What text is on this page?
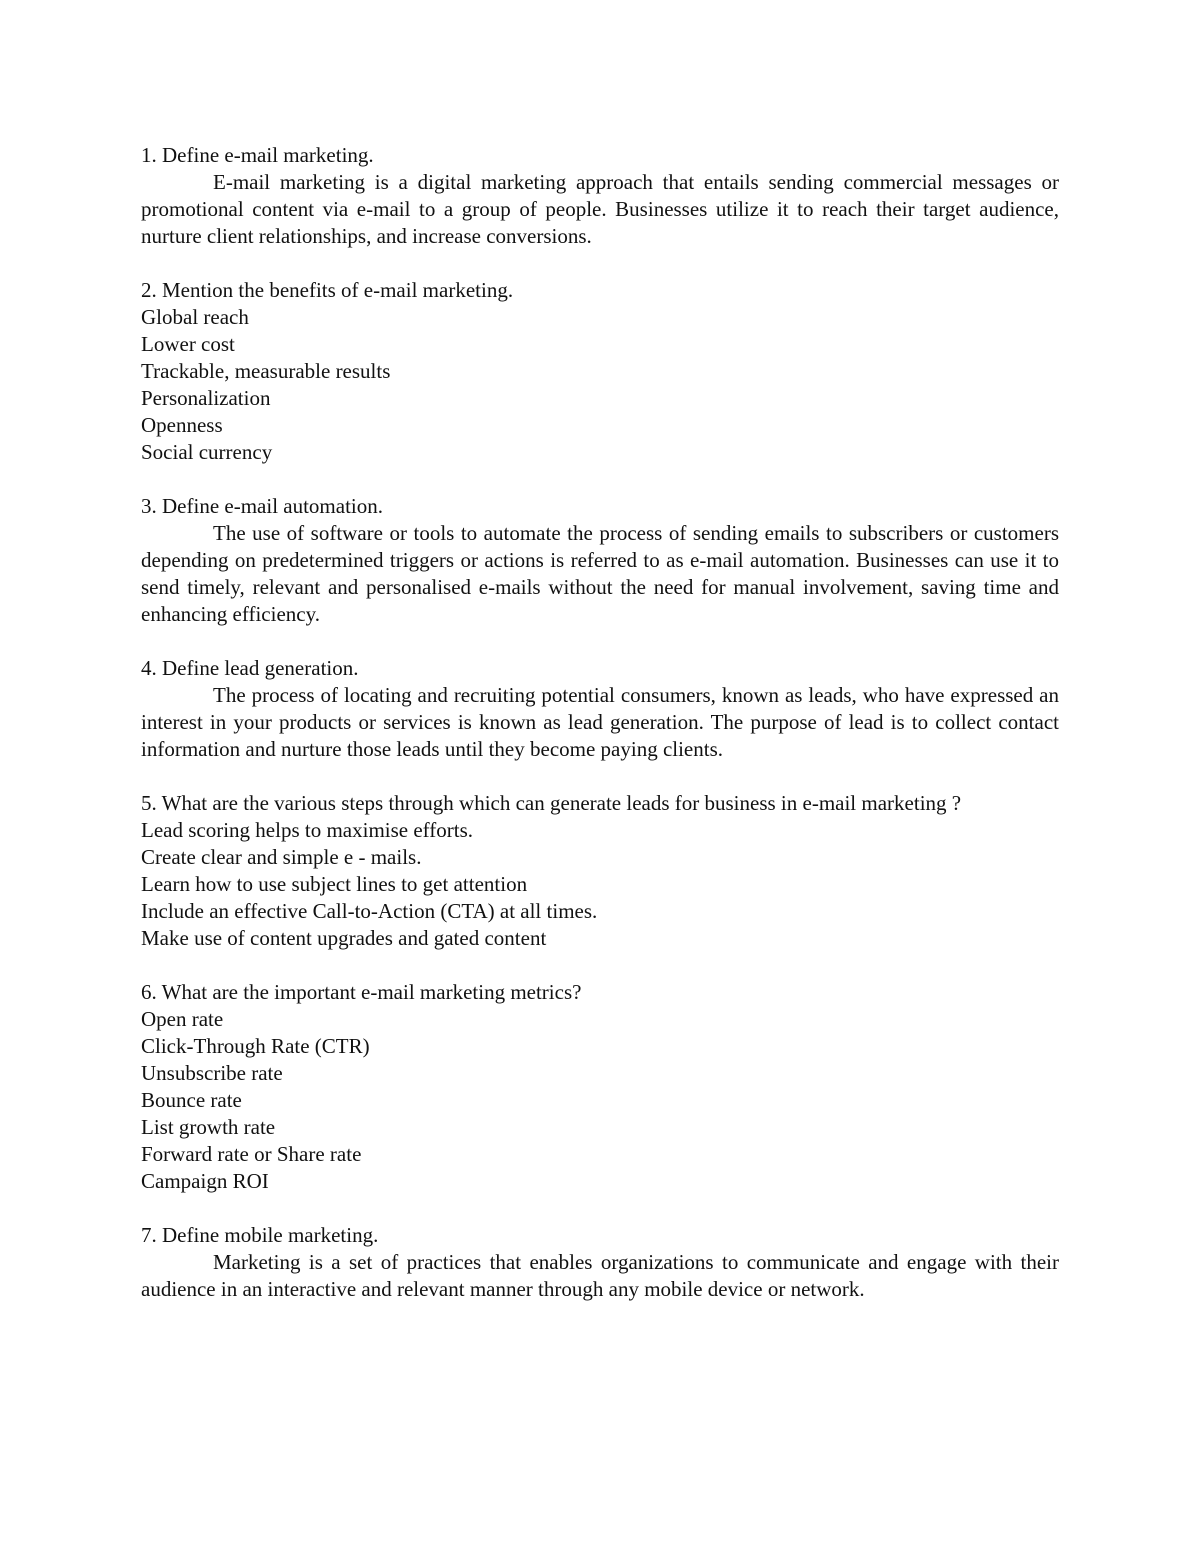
1. Define e-mail marketing.
E-mail marketing is a digital marketing approach that entails sending commercial messages or promotional content via e-mail to a group of people. Businesses utilize it to reach their target audience, nurture client relationships, and increase conversions.
2. Mention the benefits of e-mail marketing.
Global reach
Lower cost
Trackable, measurable results
Personalization
Openness
Social currency
3. Define e-mail automation.
The use of software or tools to automate the process of sending emails to subscribers or customers depending on predetermined triggers or actions is referred to as e-mail automation. Businesses can use it to send timely, relevant and personalised e-mails without the need for manual involvement, saving time and enhancing efficiency.
4. Define lead generation.
The process of locating and recruiting potential consumers, known as leads, who have expressed an interest in your products or services is known as lead generation. The purpose of lead is to collect contact information and nurture those leads until they become paying clients.
5. What are the various steps through which can generate leads for business in e-mail marketing ?
Lead scoring helps to maximise efforts.
Create clear and simple e - mails.
Learn how to use subject lines to get attention
Include an effective Call-to-Action (CTA) at all times.
Make use of content upgrades and gated content
6. What are the important e-mail marketing metrics?
Open rate
Click-Through Rate (CTR)
Unsubscribe rate
Bounce rate
List growth rate
Forward rate or Share rate
Campaign ROI
7. Define mobile marketing.
Marketing is a set of practices that enables organizations to communicate and engage with their audience in an interactive and relevant manner through any mobile device or network.
